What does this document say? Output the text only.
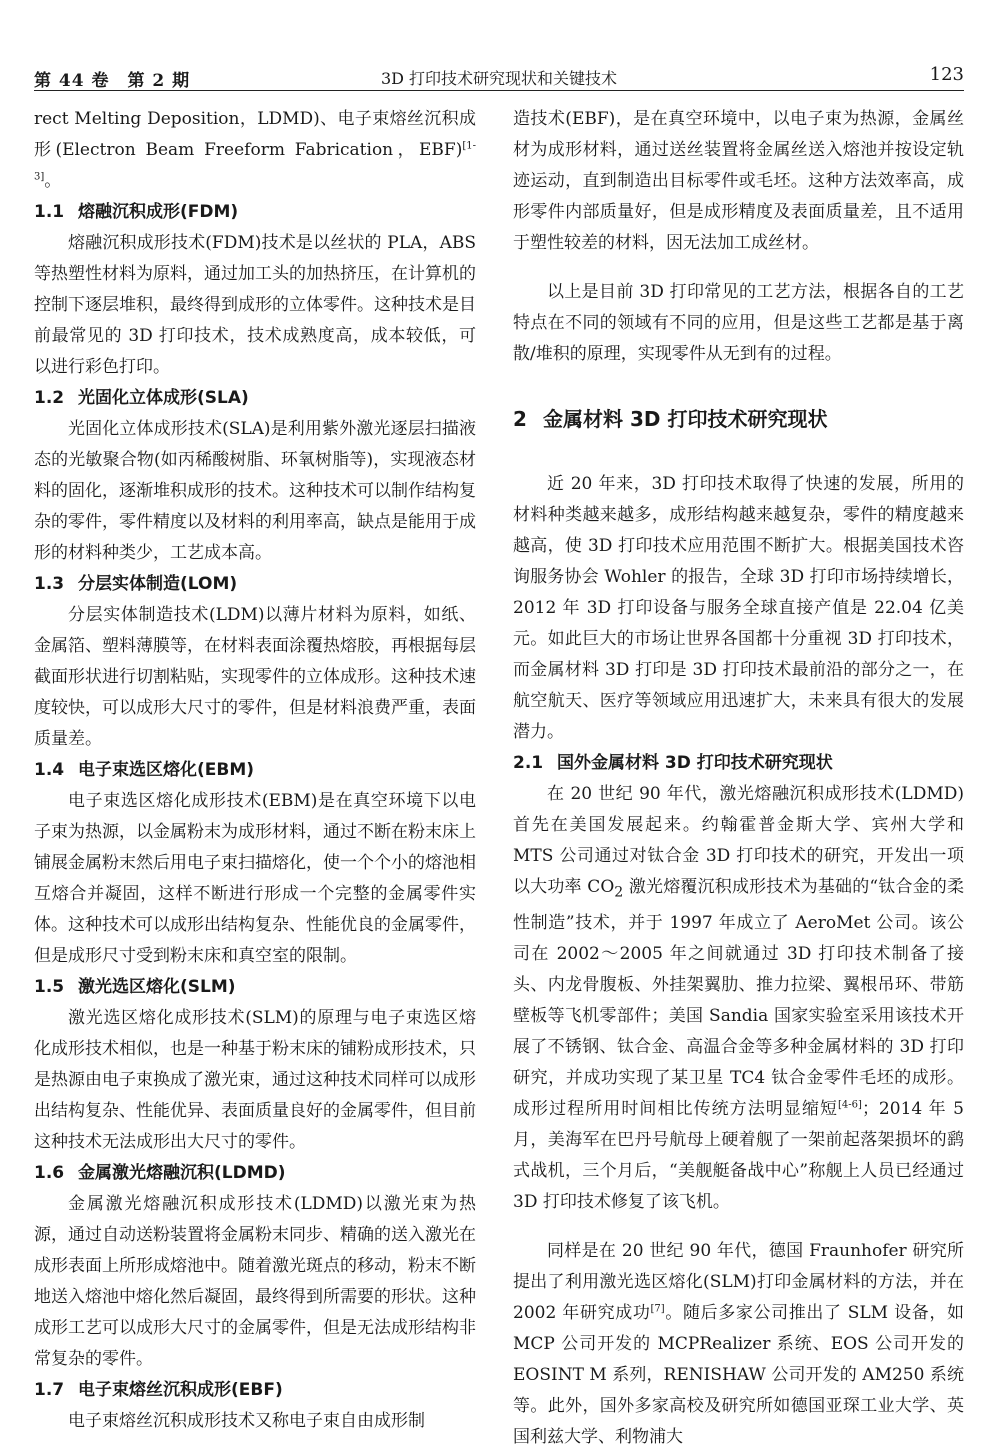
第 44 卷　第 2 期	3D 打印技术研究现状和关键技术	123

rect Melting Deposition，LDMD)、电子束熔丝沉积成形(Electron Beam Freeform Fabrication，EBF)[1-3]。

1.1 熔融沉积成形(FDM)

熔融沉积成形技术(FDM)技术是以丝状的 PLA，ABS 等热塑性材料为原料，通过加工头的加热挤压，在计算机的控制下逐层堆积，最终得到成形的立体零件。这种技术是目前最常见的 3D 打印技术，技术成熟度高，成本较低，可以进行彩色打印。

1.2 光固化立体成形(SLA)

光固化立体成形技术(SLA)是利用紫外激光逐层扫描液态的光敏聚合物(如丙稀酸树脂、环氧树脂等)，实现液态材料的固化，逐渐堆积成形的技术。这种技术可以制作结构复杂的零件，零件精度以及材料的利用率高，缺点是能用于成形的材料种类少，工艺成本高。

1.3 分层实体制造(LOM)

分层实体制造技术(LDM)以薄片材料为原料，如纸、金属箔、塑料薄膜等，在材料表面涂覆热熔胶，再根据每层截面形状进行切割粘贴，实现零件的立体成形。这种技术速度较快，可以成形大尺寸的零件，但是材料浪费严重，表面质量差。

1.4 电子束选区熔化(EBM)

电子束选区熔化成形技术(EBM)是在真空环境下以电子束为热源，以金属粉末为成形材料，通过不断在粉末床上铺展金属粉末然后用电子束扫描熔化，使一个个小的熔池相互熔合并凝固，这样不断进行形成一个完整的金属零件实体。这种技术可以成形出结构复杂、性能优良的金属零件，但是成形尺寸受到粉末床和真空室的限制。

1.5 激光选区熔化(SLM)

激光选区熔化成形技术(SLM)的原理与电子束选区熔化成形技术相似，也是一种基于粉末床的铺粉成形技术，只是热源由电子束换成了激光束，通过这种技术同样可以成形出结构复杂、性能优异、表面质量良好的金属零件，但目前这种技术无法成形出大尺寸的零件。

1.6 金属激光熔融沉积(LDMD)

金属激光熔融沉积成形技术(LDMD)以激光束为热源，通过自动送粉装置将金属粉末同步、精确的送入激光在成形表面上所形成熔池中。随着激光斑点的移动，粉末不断地送入熔池中熔化然后凝固，最终得到所需要的形状。这种成形工艺可以成形大尺寸的金属零件，但是无法成形结构非常复杂的零件。

1.7 电子束熔丝沉积成形(EBF)

电子束熔丝沉积成形技术又称电子束自由成形制

造技术(EBF)，是在真空环境中，以电子束为热源，金属丝材为成形材料，通过送丝装置将金属丝送入熔池并按设定轨迹运动，直到制造出目标零件或毛坯。这种方法效率高，成形零件内部质量好，但是成形精度及表面质量差，且不适用于塑性较差的材料，因无法加工成丝材。

以上是目前 3D 打印常见的工艺方法，根据各自的工艺特点在不同的领域有不同的应用，但是这些工艺都是基于离散/堆积的原理，实现零件从无到有的过程。

2 金属材料 3D 打印技术研究现状

近 20 年来，3D 打印技术取得了快速的发展，所用的材料种类越来越多，成形结构越来越复杂，零件的精度越来越高，使 3D 打印技术应用范围不断扩大。根据美国技术咨询服务协会 Wohler 的报告，全球 3D 打印市场持续增长，2012 年 3D 打印设备与服务全球直接产值是 22.04 亿美元。如此巨大的市场让世界各国都十分重视 3D 打印技术，而金属材料 3D 打印是 3D 打印技术最前沿的部分之一，在航空航天、医疗等领域应用迅速扩大，未来具有很大的发展潜力。

2.1 国外金属材料 3D 打印技术研究现状

在 20 世纪 90 年代，激光熔融沉积成形技术(LDMD)首先在美国发展起来。约翰霍普金斯大学、宾州大学和 MTS 公司通过对钛合金 3D 打印技术的研究，开发出一项以大功率 $CO_2$ 激光熔覆沉积成形技术为基础的“钛合金的柔性制造”技术，并于 1997 年成立了 AeroMet 公司。该公司在 2002～2005 年之间就通过 3D 打印技术制备了接头、内龙骨腹板、外挂架翼肋、推力拉梁、翼根吊环、带筋壁板等飞机零部件；美国 Sandia 国家实验室采用该技术开展了不锈钢、钛合金、高温合金等多种金属材料的 3D 打印研究，并成功实现了某卫星 TC4 钛合金零件毛坯的成形。成形过程所用时间相比传统方法明显缩短[4-6]；2014 年 5 月，美海军在巴丹号航母上硬着舰了一架前起落架损坏的鹞式战机，三个月后，“美舰艇备战中心”称舰上人员已经通过 3D 打印技术修复了该飞机。

同样是在 20 世纪 90 年代，德国 Fraunhofer 研究所提出了利用激光选区熔化(SLM)打印金属材料的方法，并在 2002 年研究成功[7]。随后多家公司推出了 SLM 设备，如 MCP 公司开发的 MCPRealizer 系统、EOS 公司开发的 EOSINT M 系列，RENISHAW 公司开发的 AM250 系统等。此外，国外多家高校及研究所如德国亚琛工业大学、英国利兹大学、利物浦大
